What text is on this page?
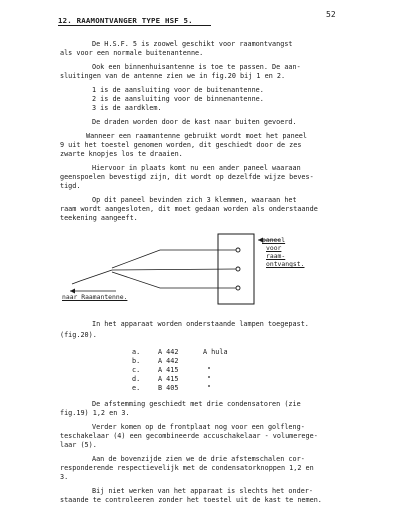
52
12. RAAMONTVANGER TYPE HSF 5.
De H.S.F. 5 is zoowel geschikt voor raamontvangst
als voor een normale buitenantenne.
Ook een binnenhuisantenne is toe te passen. De aan-
sluitingen van de antenne zien we in fig.20 bij 1 en 2.
1 is de aansluiting voor de buitenantenne.
2 is de aansluiting voor de binnenantenne.
3 is de aardklem.
De draden worden door de kast naar buiten gevoerd.
Wanneer een raamantenne gebruikt wordt moet het paneel
9 uit het toestel genomen worden, dit geschiedt door de zes
zwarte knopjes los te draaien.
Hiervoor in plaats komt nu een ander paneel waaraan
geenspoelen bevestigd zijn, dit wordt op dezelfde wijze beves-
tigd.
Op dit paneel bevinden zich 3 klemmen, waaraan het
raam wordt aangesloten, dit moet gedaan worden als onderstaande
teekening aangeeft.
paneel
voor
raam-
ontvangst.
naar Raamantenne.
In het apparaat worden onderstaande lampen toegepast.
(fig.20).
a.	A 442	A hula
b.	A 442
c.	A 415	"
d.	A 415	"
e.	B 405	"
De afstemming geschiedt met drie condensatoren (zie
fig.19) 1,2 en 3.
Verder komen op de frontplaat nog voor een golfleng-
teschakelaar (4) een gecombineerde accuschakelaar - volumerege-
laar (5).
Aan de bovenzijde zien we de drie afstemschalen cor-
responderende respectievelijk met de condensatorknoppen 1,2 en
3.
Bij niet werken van het apparaat is slechts het onder-
staande te controleeren zonder het toestel uit de kast te nemen.
